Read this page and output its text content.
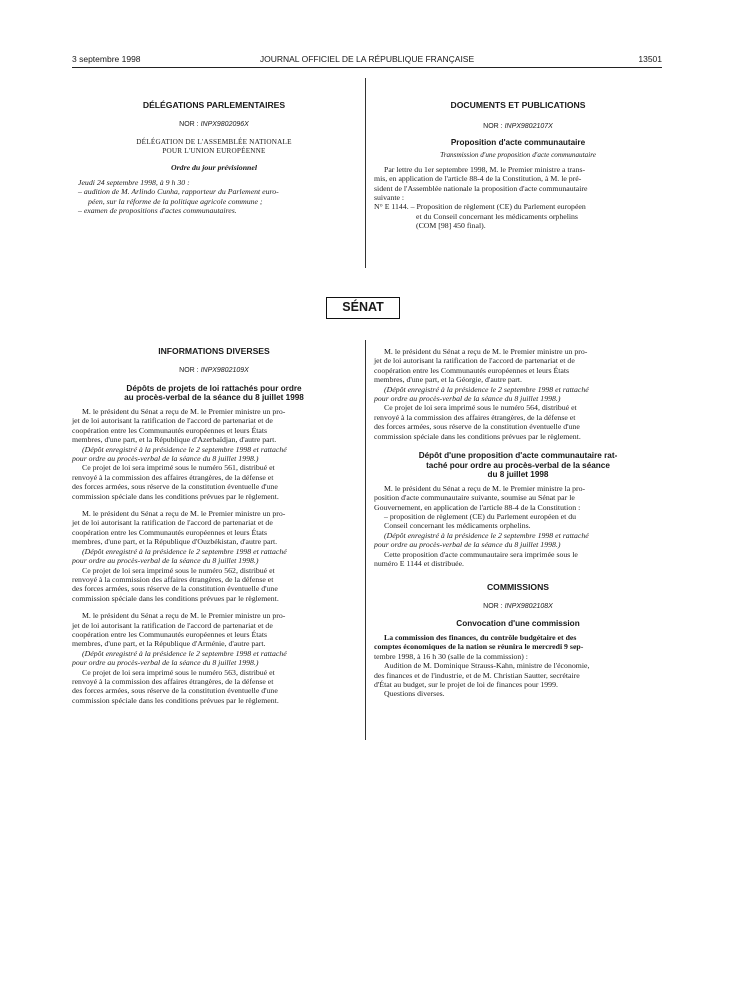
3 septembre 1998	JOURNAL OFFICIEL DE LA RÉPUBLIQUE FRANÇAISE	13501

DÉLÉGATIONS PARLEMENTAIRES

NOR : INPX9802096X

DÉLÉGATION DE L'ASSEMBLÉE NATIONALE

POUR L'UNION EUROPÉENNE

Ordre du jour prévisionnel

Jeudi 24 septembre 1998, à 9 h 30 :

– audition de M. Arlindo Cunha, rapporteur du Parlement euro-

péen, sur la réforme de la politique agricole commune ;

– examen de propositions d'actes communautaires.

DOCUMENTS ET PUBLICATIONS

NOR : INPX9802107X

Proposition d'acte communautaire

Transmission d'une proposition d'acte communautaire

Par lettre du 1er septembre 1998, M. le Premier ministre a trans-

mis, en application de l'article 88-4 de la Constitution, à M. le pré-

sident de l'Assemblée nationale la proposition d'acte communautaire

suivante :

N° E 1144. – Proposition de règlement (CE) du Parlement européen

et du Conseil concernant les médicaments orphelins

(COM [98] 450 final).

SÉNAT

INFORMATIONS DIVERSES

NOR : INPX9802109X

Dépôts de projets de loi rattachés pour ordre

au procès-verbal de la séance du 8 juillet 1998

M. le président du Sénat a reçu de M. le Premier ministre un pro-

jet de loi autorisant la ratification de l'accord de partenariat et de

coopération entre les Communautés européennes et leurs États

membres, d'une part, et la République d'Azerbaïdjan, d'autre part.

(Dépôt enregistré à la présidence le 2 septembre 1998 et rattaché

pour ordre au procès-verbal de la séance du 8 juillet 1998.)

Ce projet de loi sera imprimé sous le numéro 561, distribué et

renvoyé à la commission des affaires étrangères, de la défense et

des forces armées, sous réserve de la constitution éventuelle d'une

commission spéciale dans les conditions prévues par le règlement.

M. le président du Sénat a reçu de M. le Premier ministre un pro-

jet de loi autorisant la ratification de l'accord de partenariat et de

coopération entre les Communautés européennes et leurs États

membres, d'une part, et la République d'Ouzbékistan, d'autre part.

(Dépôt enregistré à la présidence le 2 septembre 1998 et rattaché

pour ordre au procès-verbal de la séance du 8 juillet 1998.)

Ce projet de loi sera imprimé sous le numéro 562, distribué et

renvoyé à la commission des affaires étrangères, de la défense et

des forces armées, sous réserve de la constitution éventuelle d'une

commission spéciale dans les conditions prévues par le règlement.

M. le président du Sénat a reçu de M. le Premier ministre un pro-

jet de loi autorisant la ratification de l'accord de partenariat et de

coopération entre les Communautés européennes et leurs États

membres, d'une part, et la République d'Arménie, d'autre part.

(Dépôt enregistré à la présidence le 2 septembre 1998 et rattaché

pour ordre au procès-verbal de la séance du 8 juillet 1998.)

Ce projet de loi sera imprimé sous le numéro 563, distribué et

renvoyé à la commission des affaires étrangères, de la défense et

des forces armées, sous réserve de la constitution éventuelle d'une

commission spéciale dans les conditions prévues par le règlement.

M. le président du Sénat a reçu de M. le Premier ministre un pro-

jet de loi autorisant la ratification de l'accord de partenariat et de

coopération entre les Communautés européennes et leurs États

membres, d'une part, et la Géorgie, d'autre part.

(Dépôt enregistré à la présidence le 2 septembre 1998 et rattaché

pour ordre au procès-verbal de la séance du 8 juillet 1998.)

Ce projet de loi sera imprimé sous le numéro 564, distribué et

renvoyé à la commission des affaires étrangères, de la défense et

des forces armées, sous réserve de la constitution éventuelle d'une

commission spéciale dans les conditions prévues par le règlement.

Dépôt d'une proposition d'acte communautaire rat-

taché pour ordre au procès-verbal de la séance

du 8 juillet 1998

M. le président du Sénat a reçu de M. le Premier ministre la pro-

position d'acte communautaire suivante, soumise au Sénat par le

Gouvernement, en application de l'article 88-4 de la Constitution :

– proposition de règlement (CE) du Parlement européen et du

Conseil concernant les médicaments orphelins.

(Dépôt enregistré à la présidence le 2 septembre 1998 et rattaché

pour ordre au procès-verbal de la séance du 8 juillet 1998.)

Cette proposition d'acte communautaire sera imprimée sous le

numéro E 1144 et distribuée.

COMMISSIONS

NOR : INPX9802108X

Convocation d'une commission

La commission des finances, du contrôle budgétaire et des

comptes économiques de la nation se réunira le mercredi 9 sep-

tembre 1998, à 16 h 30 (salle de la commission) :

Audition de M. Dominique Strauss-Kahn, ministre de l'économie,

des finances et de l'industrie, et de M. Christian Sautter, secrétaire

d'État au budget, sur le projet de loi de finances pour 1999.

Questions diverses.
